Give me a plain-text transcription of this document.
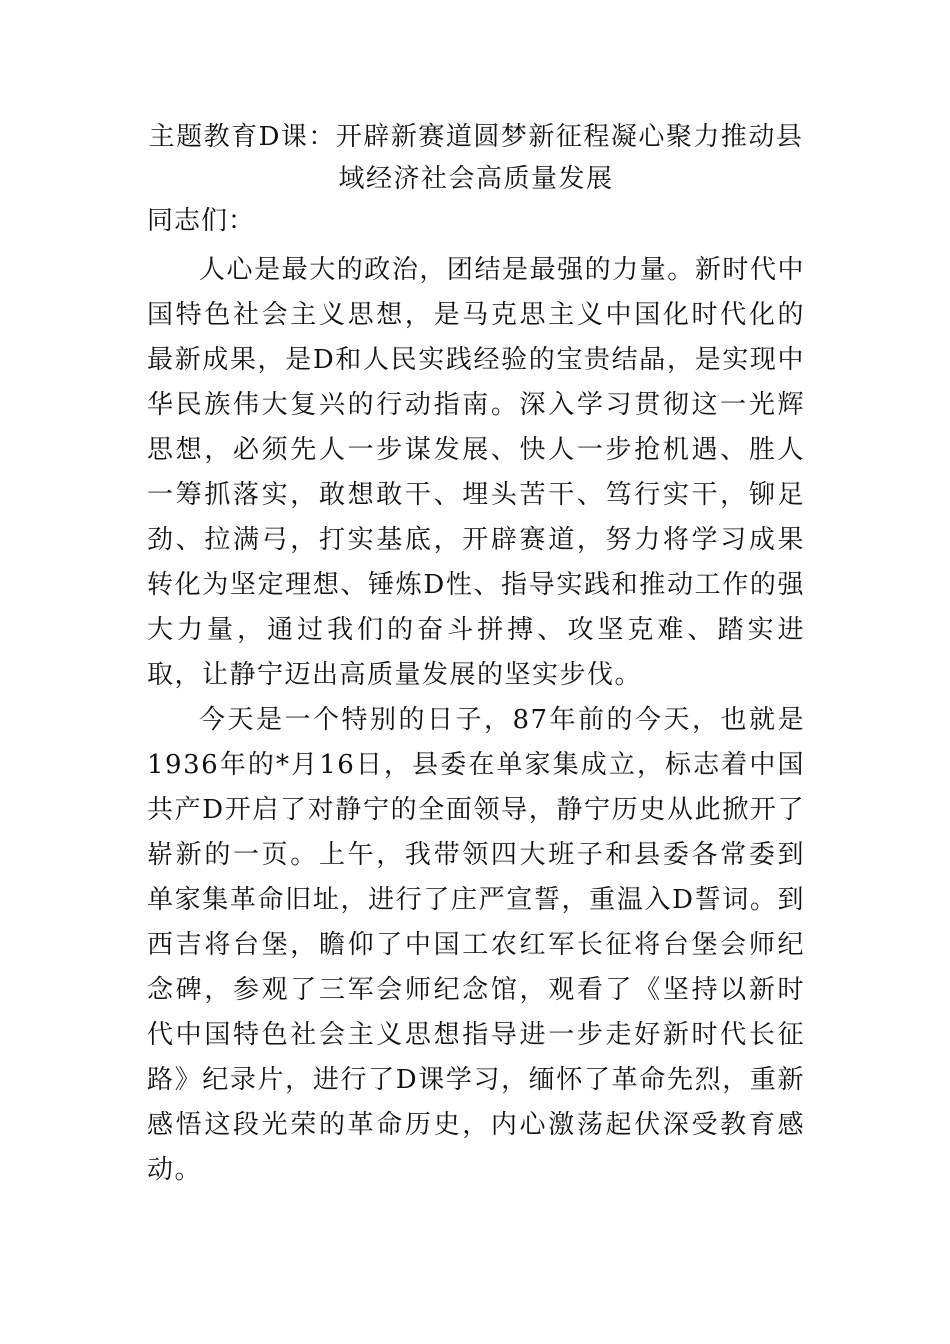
主题教育D课：开辟新赛道圆梦新征程凝心聚力推动县域经济社会高质量发展
同志们：

人心是最大的政治，团结是最强的力量。新时代中国特色社会主义思想，是马克思主义中国化时代化的最新成果，是D和人民实践经验的宝贵结晶，是实现中华民族伟大复兴的行动指南。深入学习贯彻这一光辉思想，必须先人一步谋发展、快人一步抢机遇、胜人一筹抓落实，敢想敢干、埋头苦干、笃行实干，铆足劲、拉满弓，打实基底，开辟赛道，努力将学习成果转化为坚定理想、锤炼D性、指导实践和推动工作的强大力量，通过我们的奋斗拼搏、攻坚克难、踏实进取，让静宁迈出高质量发展的坚实步伐。

今天是一个特别的日子，87年前的今天，也就是1936年的*月16日，县委在单家集成立，标志着中国共产D开启了对静宁的全面领导，静宁历史从此掀开了崭新的一页。上午，我带领四大班子和县委各常委到单家集革命旧址，进行了庄严宣誓，重温入D誓词。到西吉将台堡，瞻仰了中国工农红军长征将台堡会师纪念碑，参观了三军会师纪念馆，观看了《坚持以新时代中国特色社会主义思想指导进一步走好新时代长征路》纪录片，进行了D课学习，缅怀了革命先烈，重新感悟这段光荣的革命历史，内心激荡起伏深受教育感动。
